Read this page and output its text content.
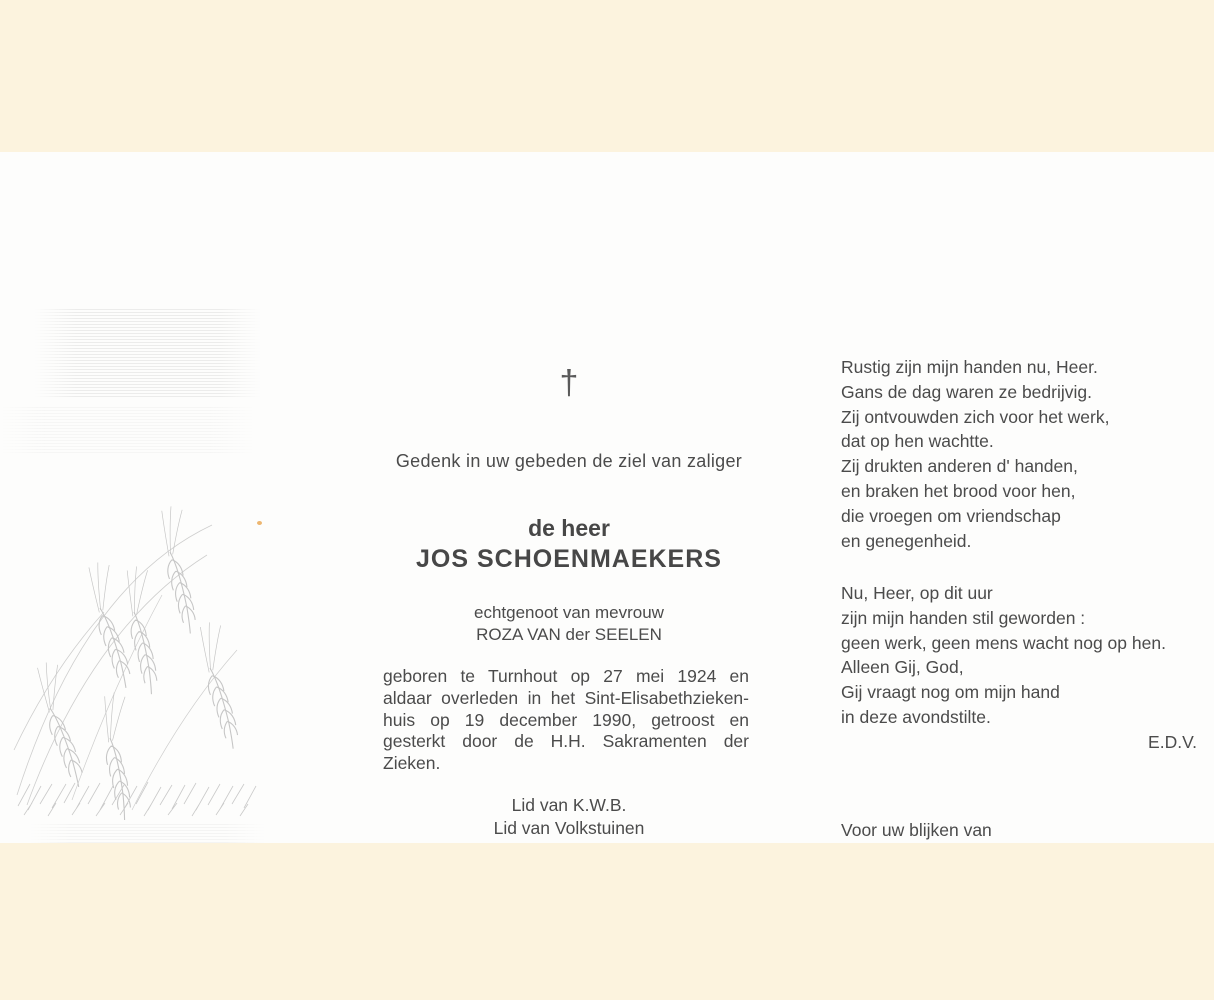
†
Gedenk in uw gebeden de ziel van zaliger
de heer
JOS SCHOENMAEKERS
echtgenoot van mevrouw
ROZA VAN der SEELEN
geboren te Turnhout op 27 mei 1924 en
aldaar overleden in het Sint-Elisabethzieken-
huis op 19 december 1990, getroost en
gesterkt door de H.H. Sakramenten der
Zieken.
Lid van K.W.B.
Lid van Volkstuinen
Rustig zijn mijn handen nu, Heer.
Gans de dag waren ze bedrijvig.
Zij ontvouwden zich voor het werk,
dat op hen wachtte.
Zij drukten anderen d' handen,
en braken het brood voor hen,
die vroegen om vriendschap
en genegenheid.
Nu, Heer, op dit uur
zijn mijn handen stil geworden :
geen werk, geen mens wacht nog op hen.
Alleen Gij, God,
Gij vraagt nog om mijn hand
in deze avondstilte.
E.D.V.
Voor uw blijken van
